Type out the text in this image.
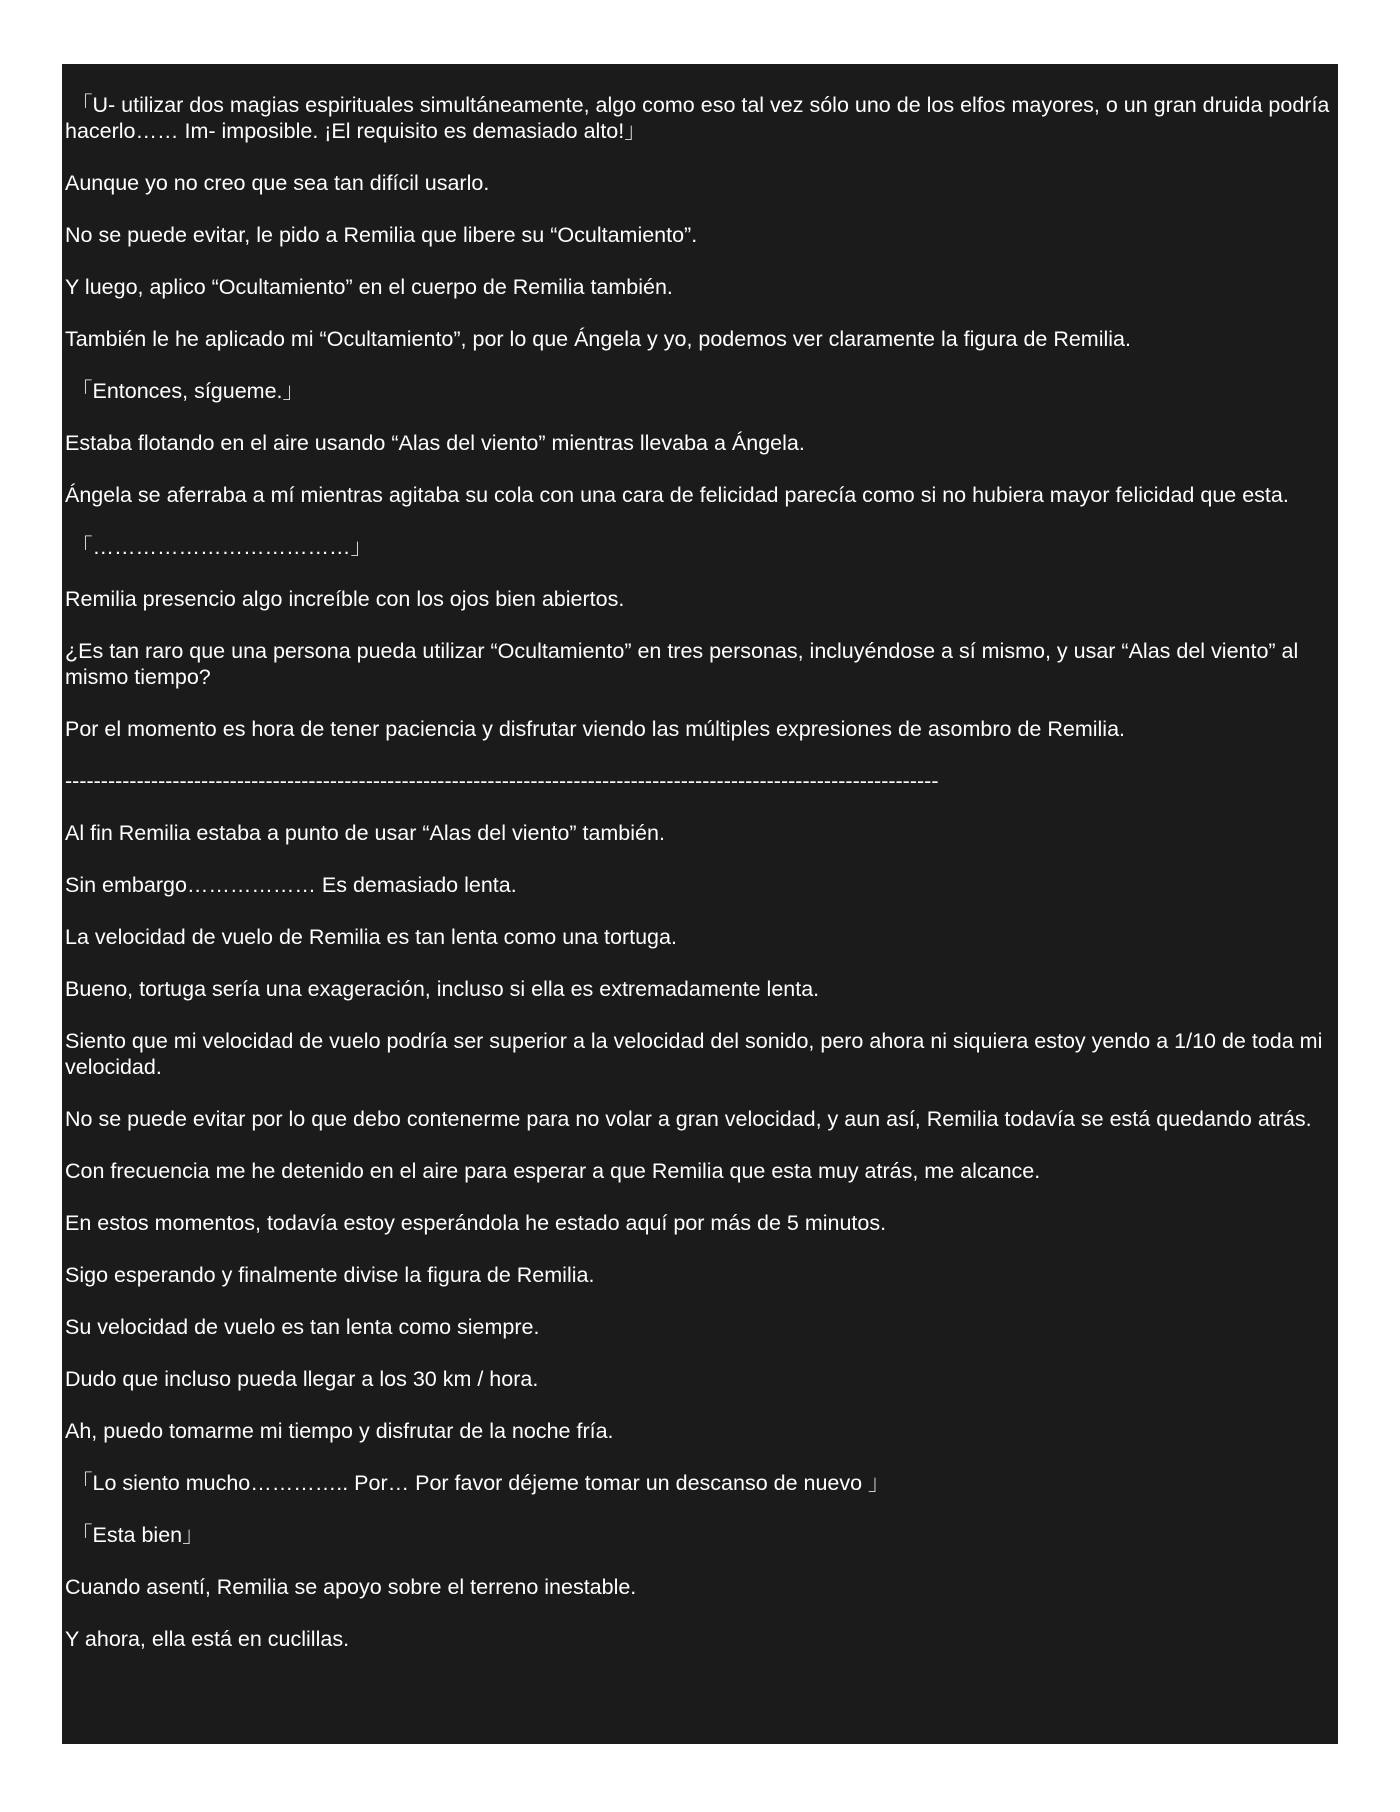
「U- utilizar dos magias espirituales simultáneamente, algo como eso tal vez sólo uno de los elfos mayores, o un gran druida podría hacerlo…… Im- imposible. ¡El requisito es demasiado alto!」

Aunque yo no creo que sea tan difícil usarlo.

No se puede evitar, le pido a Remilia que libere su “Ocultamiento”.

Y luego, aplico “Ocultamiento” en el cuerpo de Remilia también.

También le he aplicado mi “Ocultamiento”, por lo que Ángela y yo, podemos ver claramente la figura de Remilia.

「Entonces, sígueme.」

Estaba flotando en el aire usando “Alas del viento” mientras llevaba a Ángela.

Ángela se aferraba a mí mientras agitaba su cola con una cara de felicidad parecía como si no hubiera mayor felicidad que esta.

「………………………………」

Remilia presencio algo increíble con los ojos bien abiertos.

¿Es tan raro que una persona pueda utilizar “Ocultamiento” en tres personas, incluyéndose a sí mismo, y usar “Alas del viento” al mismo tiempo?

Por el momento es hora de tener paciencia y disfrutar viendo las múltiples expresiones de asombro de Remilia.

--------------------------------------------------------------------------------------------------------------------------

Al fin Remilia estaba a punto de usar “Alas del viento” también.

Sin embargo……………… Es demasiado lenta.

La velocidad de vuelo de Remilia es tan lenta como una tortuga.

Bueno, tortuga sería una exageración, incluso si ella es extremadamente lenta.

Siento que mi velocidad de vuelo podría ser superior a la velocidad del sonido, pero ahora ni siquiera estoy yendo a 1/10 de toda mi velocidad.

No se puede evitar por lo que debo contenerme para no volar a gran velocidad, y aun así, Remilia todavía se está quedando atrás.

Con frecuencia me he detenido en el aire para esperar a que Remilia que esta muy atrás, me alcance.

En estos momentos, todavía estoy esperándola he estado aquí por más de 5 minutos.

Sigo esperando y finalmente divise la figura de Remilia.

Su velocidad de vuelo es tan lenta como siempre.

Dudo que incluso pueda llegar a los 30 km / hora.

Ah, puedo tomarme mi tiempo y disfrutar de la noche fría.

「Lo siento mucho………….. Por… Por favor déjeme tomar un descanso de nuevo 」

「Esta bien」

Cuando asentí, Remilia se apoyo sobre el terreno inestable.

Y ahora, ella está en cuclillas.
